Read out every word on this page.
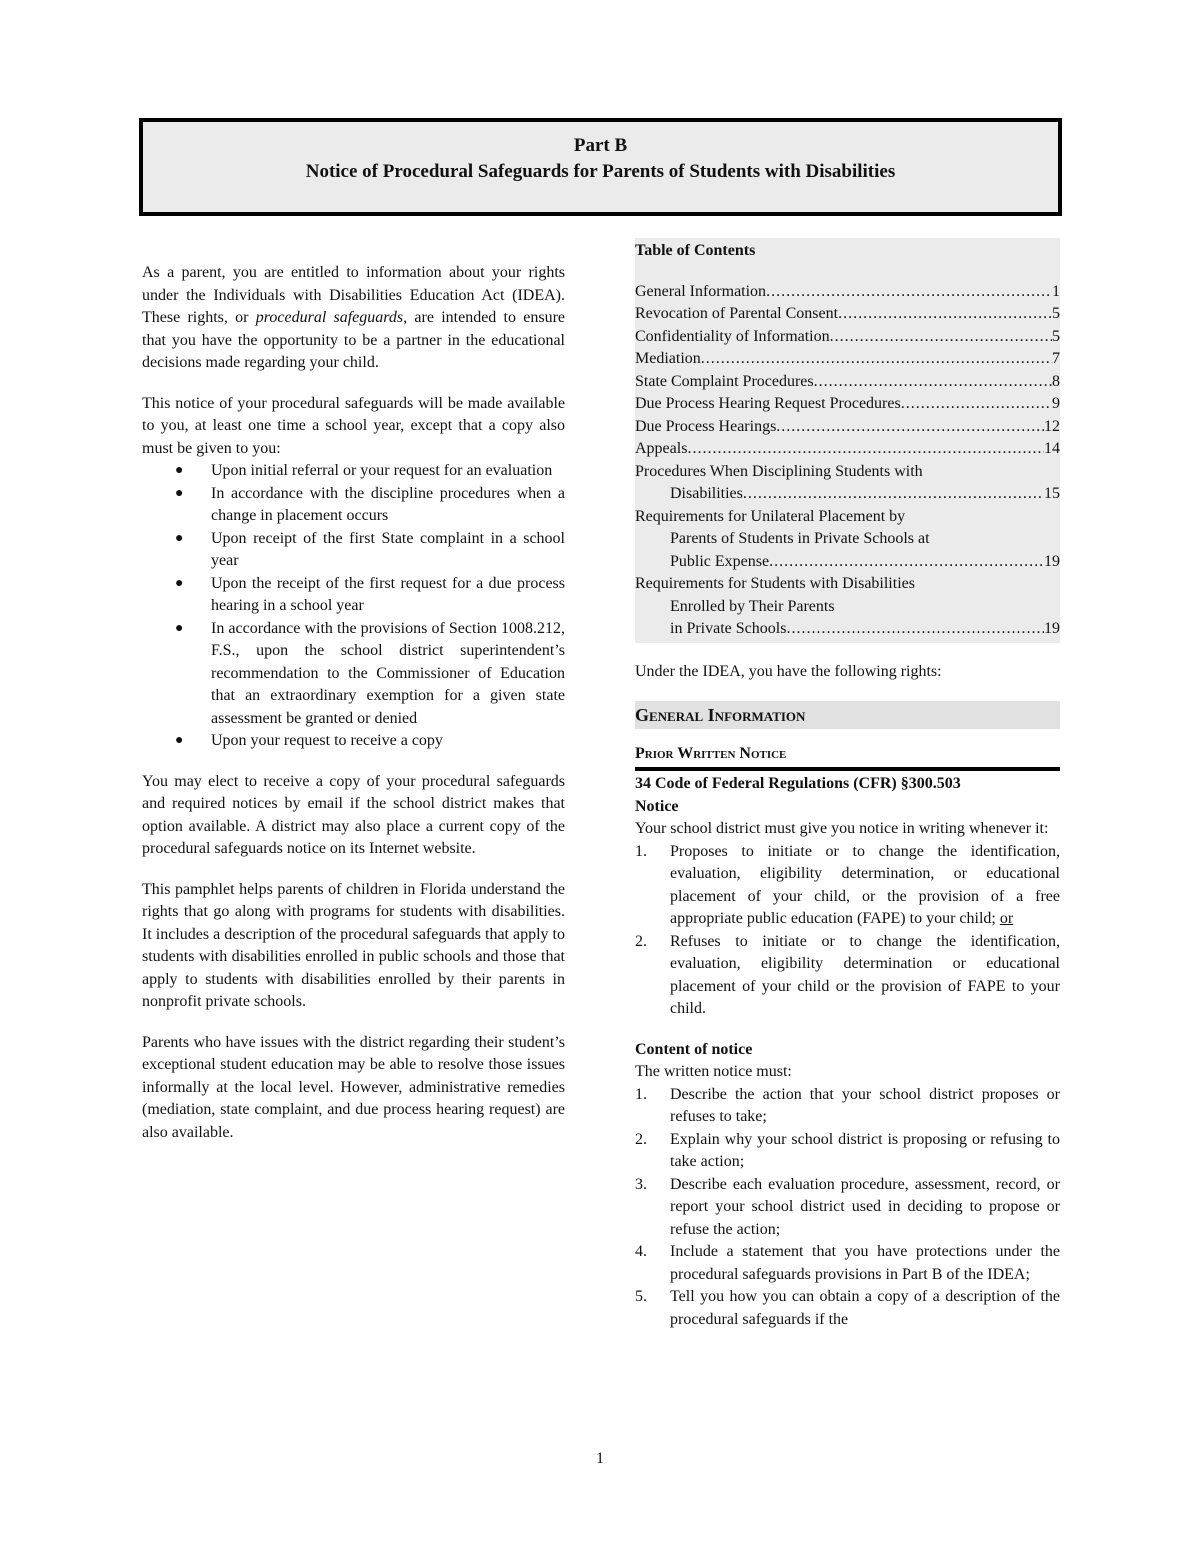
Part B
Notice of Procedural Safeguards for Parents of Students with Disabilities

As a parent, you are entitled to information about your rights under the Individuals with Disabilities Education Act (IDEA). These rights, or procedural safeguards, are intended to ensure that you have the opportunity to be a partner in the educational decisions made regarding your child.

This notice of your procedural safeguards will be made available to you, at least one time a school year, except that a copy also must be given to you:

● Upon initial referral or your request for an evaluation
● In accordance with the discipline procedures when a change in placement occurs
● Upon receipt of the first State complaint in a school year
● Upon the receipt of the first request for a due process hearing in a school year
● In accordance with the provisions of Section 1008.212, F.S., upon the school district superintendent’s recommendation to the Commissioner of Education that an extraordinary exemption for a given state assessment be granted or denied
● Upon your request to receive a copy

You may elect to receive a copy of your procedural safeguards and required notices by email if the school district makes that option available. A district may also place a current copy of the procedural safeguards notice on its Internet website.

This pamphlet helps parents of children in Florida understand the rights that go along with programs for students with disabilities. It includes a description of the procedural safeguards that apply to students with disabilities enrolled in public schools and those that apply to students with disabilities enrolled by their parents in nonprofit private schools.

Parents who have issues with the district regarding their student’s exceptional student education may be able to resolve those issues informally at the local level. However, administrative remedies (mediation, state complaint, and due process hearing request) are also available.

Table of Contents
General Information .....	1
Revocation of Parental Consent .....	5
Confidentiality of Information .....	5
Mediation .....	7
State Complaint Procedures .....	8
Due Process Hearing Request Procedures .....	9
Due Process Hearings .....	12
Appeals .....	14
Procedures When Disciplining Students with
Disabilities .....	15
Requirements for Unilateral Placement by
Parents of Students in Private Schools at
Public Expense .....	19
Requirements for Students with Disabilities
Enrolled by Their Parents
in Private Schools .....	19

Under the IDEA, you have the following rights:

General Information
Prior Written Notice
34 Code of Federal Regulations (CFR) §300.503
Notice
Your school district must give you notice in writing whenever it:
1. Proposes to initiate or to change the identification, evaluation, eligibility determination, or educational placement of your child, or the provision of a free appropriate public education (FAPE) to your child; or
2. Refuses to initiate or to change the identification, evaluation, eligibility determination or educational placement of your child or the provision of FAPE to your child.
Content of notice
The written notice must:
1. Describe the action that your school district proposes or refuses to take;
2. Explain why your school district is proposing or refusing to take action;
3. Describe each evaluation procedure, assessment, record, or report your school district used in deciding to propose or refuse the action;
4. Include a statement that you have protections under the procedural safeguards provisions in Part B of the IDEA;
5. Tell you how you can obtain a copy of a description of the procedural safeguards if the
1
